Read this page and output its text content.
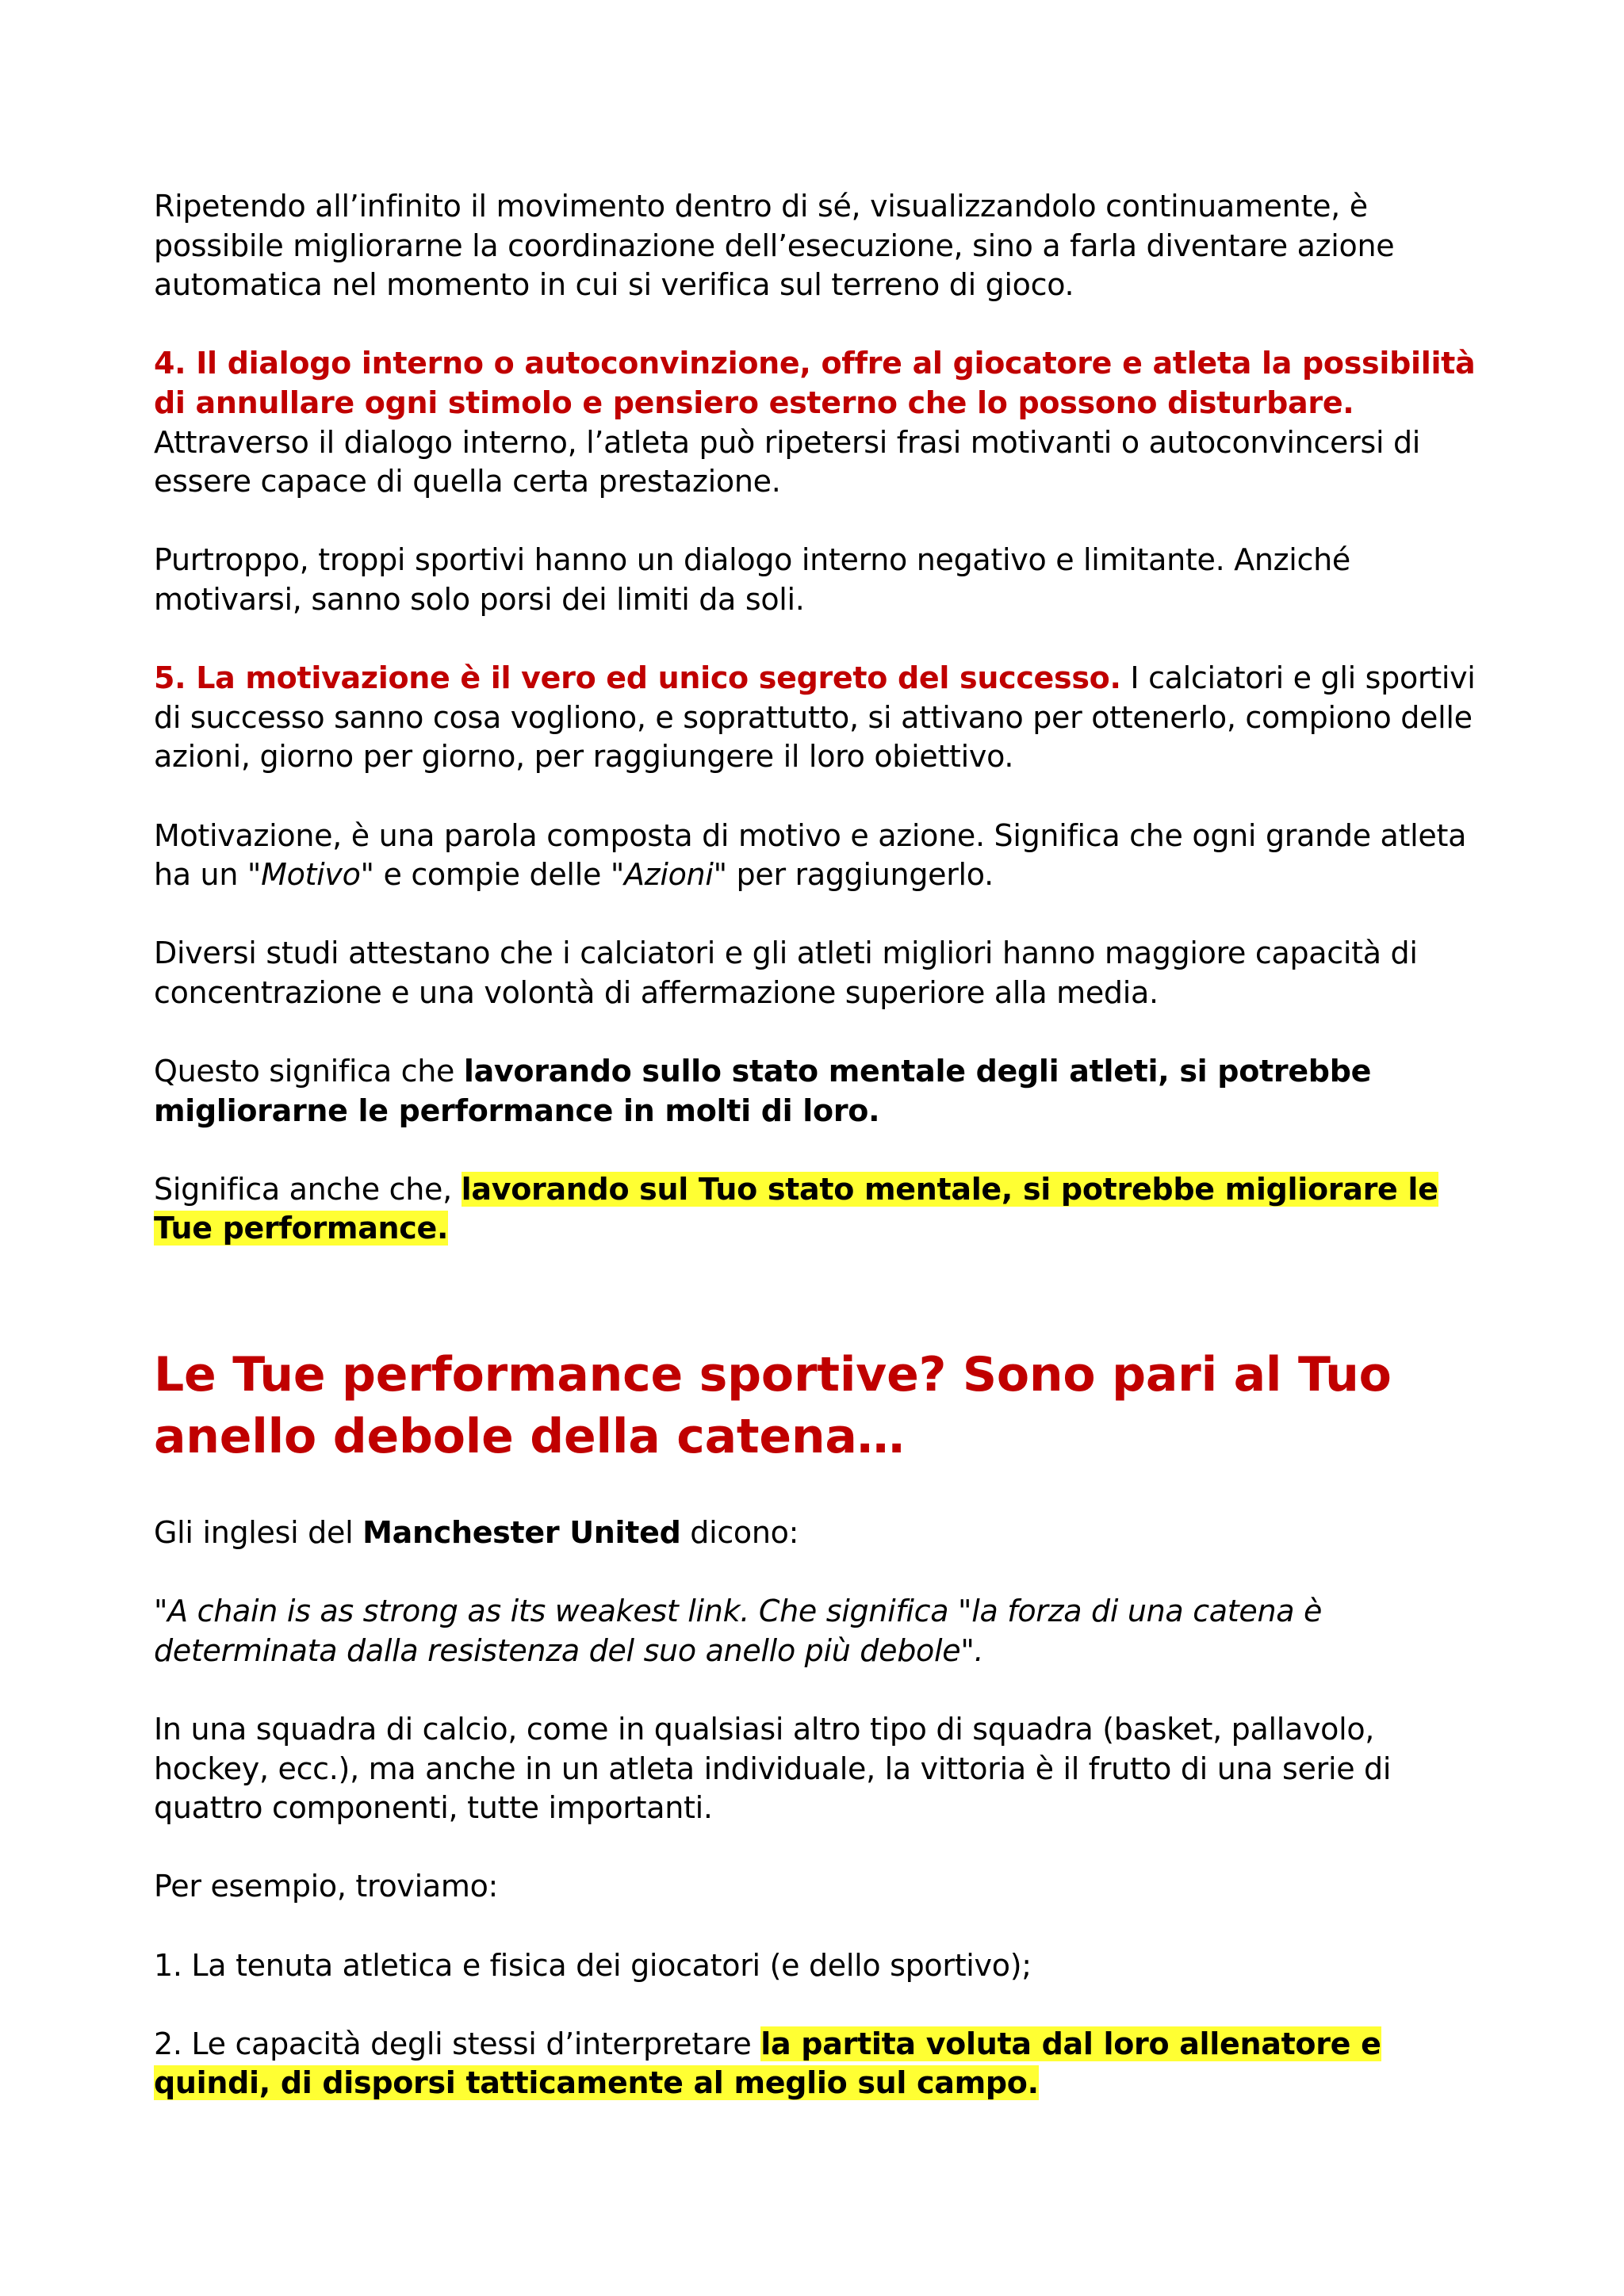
Ripetendo all’infinito il movimento dentro di sé, visualizzandolo continuamente, è possibile migliorarne la coordinazione dell’esecuzione, sino a farla diventare azione automatica nel momento in cui si verifica sul terreno di gioco.

4. Il dialogo interno o autoconvinzione, offre al giocatore e atleta la possibilità di annullare ogni stimolo e pensiero esterno che lo possono disturbare.
Attraverso il dialogo interno, l’atleta può ripetersi frasi motivanti o autoconvincersi di essere capace di quella certa prestazione.

Purtroppo, troppi sportivi hanno un dialogo interno negativo e limitante. Anziché motivarsi, sanno solo porsi dei limiti da soli.

5. La motivazione è il vero ed unico segreto del successo. I calciatori e gli sportivi di successo sanno cosa vogliono, e soprattutto, si attivano per ottenerlo, compiono delle azioni, giorno per giorno, per raggiungere il loro obiettivo.

Motivazione, è una parola composta di motivo e azione. Significa che ogni grande atleta ha un "Motivo" e compie delle "Azioni" per raggiungerlo.

Diversi studi attestano che i calciatori e gli atleti migliori hanno maggiore capacità di concentrazione e una volontà di affermazione superiore alla media.

Questo significa che lavorando sullo stato mentale degli atleti, si potrebbe migliorarne le performance in molti di loro.

Significa anche che, lavorando sul Tuo stato mentale, si potrebbe migliorare le Tue performance.

Le Tue performance sportive? Sono pari al Tuo anello debole della catena…

Gli inglesi del Manchester United dicono:

"A chain is as strong as its weakest link. Che significa "la forza di una catena è determinata dalla resistenza del suo anello più debole".

In una squadra di calcio, come in qualsiasi altro tipo di squadra (basket, pallavolo, hockey, ecc.), ma anche in un atleta individuale, la vittoria è il frutto di una serie di quattro componenti, tutte importanti.

Per esempio, troviamo:

1. La tenuta atletica e fisica dei giocatori (e dello sportivo);

2. Le capacità degli stessi d’interpretare la partita voluta dal loro allenatore e quindi, di disporsi tatticamente al meglio sul campo.
